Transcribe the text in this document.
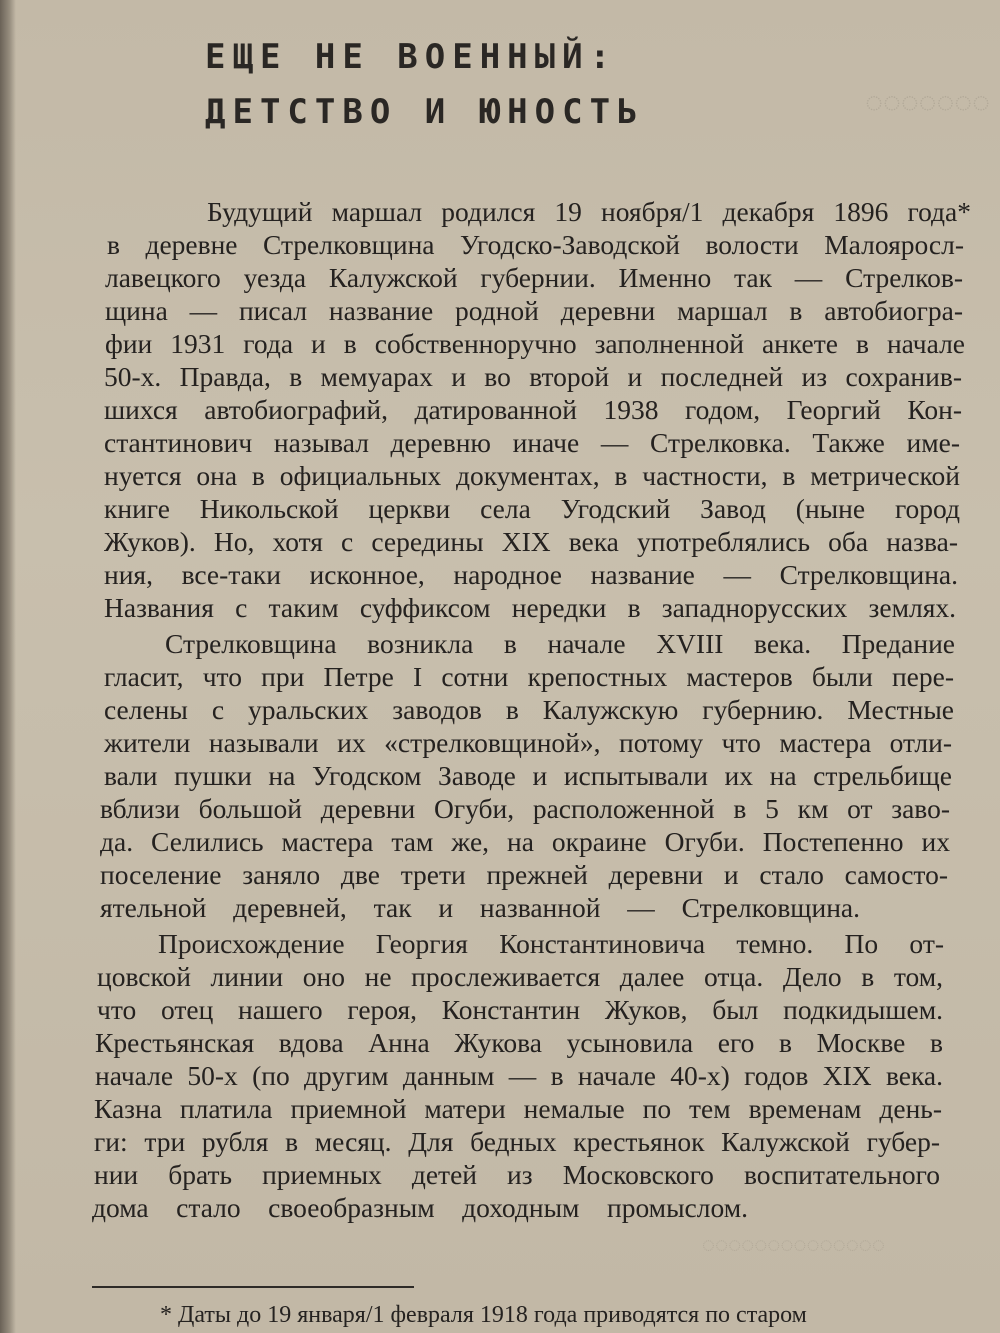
◌◌◌◌◌◌◌
◌◌◌◌◌◌◌◌◌◌◌◌◌◌
ЕЩЕ НЕ ВОЕННЫЙ:
ДЕТСТВО И ЮНОСТЬ

Будущий маршал родился 19 ноября/1 декабря 1896 года*

в деревне Стрелковщина Угодско-Заводской волости Малояросл-

лавецкого уезда Калужской губернии. Именно так — Стрелков-

щина — писал название родной деревни маршал в автобиогра-

фии 1931 года и в собственноручно заполненной анкете в начале

50-х. Правда, в мемуарах и во второй и последней из сохранив-

шихся автобиографий, датированной 1938 годом, Георгий Кон-

стантинович называл деревню иначе — Стрелковка. Также име-

нуется она в официальных документах, в частности, в метрической

книге Никольской церкви села Угодский Завод (ныне город

Жуков). Но, хотя с середины XIX века употреблялись оба назва-

ния, все-таки исконное, народное название — Стрелковщина.

Названия с таким суффиксом нередки в западнорусских землях.

Стрелковщина возникла в начале XVIII века. Предание

гласит, что при Петре I сотни крепостных мастеров были пере-

селены с уральских заводов в Калужскую губернию. Местные

жители называли их «стрелковщиной», потому что мастера отли-

вали пушки на Угодском Заводе и испытывали их на стрельбище

вблизи большой деревни Огуби, расположенной в 5 км от заво-

да. Селились мастера там же, на окраине Огуби. Постепенно их

поселение заняло две трети прежней деревни и стало самосто-

ятельной деревней, так и названной — Стрелковщина.

Происхождение Георгия Константиновича темно. По от-

цовской линии оно не прослеживается далее отца. Дело в том,

что отец нашего героя, Константин Жуков, был подкидышем.

Крестьянская вдова Анна Жукова усыновила его в Москве в

начале 50-х (по другим данным — в начале 40-х) годов XIX века.

Казна платила приемной матери немалые по тем временам день-

ги: три рубля в месяц. Для бедных крестьянок Калужской губер-

нии брать приемных детей из Московского воспитательного

дома стало своеобразным доходным промыслом.

* Даты до 19 января/1 февраля 1918 года приводятся по старом
